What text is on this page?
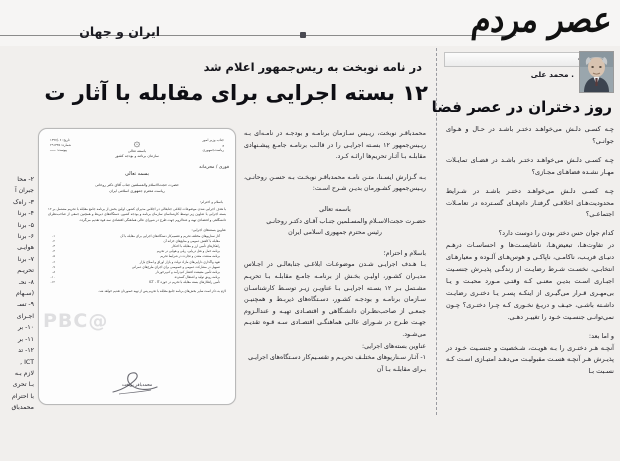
عصر مردم
ایران و جهان
در نامه نوبخت به ریس‌جمهور اعلام شد
۱۲ بسته اجرایی برای مقابله با آثار ت
۞
باسمه تعالی
سازمان برنامه و بودجه کشور
جناب وزیر امور
و
ریاست‌جمهوری
تاریخ: ۱۳۹۷/۰۶
شماره: ۲۹۱۳۴۵
پیوست: ــــــ
بسمه تعالی
فوری / محرمانه
حضرت حجت‌الاسلام والمسلمین جناب آقای دکتر روحانی
ریاست محترم جمهوری اسلامی ایران
باسلام و احترام؛
با هدف اجرایی شدن موضوعات ابلاغی جنابعالی در اجلاس مدیران کشور، اولین بخش از برنامه جامع مقابله با تحریم مشتمل بر ۱۲ بسته اجرایی با عناوین زیر توسط کارشناسان سازمان برنامه و بودجه کشور، دستگاه‌های ذیربط و همچنین جمعی از صاحب‌نظران دانشگاهی و اقتصادی تهیه و عندالزوم جهت طرح در شورای عالی هماهنگی اقتصادی سه قوه تقدیم می‌گردد.
عناوین بسته‌های اجرایی:
۱-	آثار سناریوهای مختلف تحریم و تقسیم‌کار دستگاه‌های اجرایی برای مقابله با آن
۲-	مقابله با کاهش عمومی و منابع‌های خزانه آن
۳-	راهکارهای تأمین ارز و مقابله با احتکار
۴-	برنامه حمل و نقل دریایی، ریلی و هوایی در تحریم
۵-	برنامه صنعت، معدن و تجارت در شرایط تحریم
۶-	تعهد واگذاری دارایی‌های مازاد دولت و بازار اوراق و اصلاح بازار
۷-	تسهیل در مشارکت عمومی و خصوصی برای اجرای طرح‌های عمرانی
۸-	برنامه تأمین معیشت اقشار کم‌درآمد و کم‌برخوردار
۱۰-	برنامه رونق تولید و اشتغال گسترده
۱۲-	تأمین راهکارهای بسته مقابله با تحریم در حوزه ICT ، IT
لازم به ذکر است سایر بخش‌های برنامه جامع مقابله با تحریم پس از تهیه حضورتان تقدیم خواهد شد.
@PBC
محمدباقر نوبخت

محمدباقـر نوبخت، ریـیس سـازمان برنامـه و بودجـه در نامـه‌ای بـه ریـیس‌جمهور ۱۲ بسـته اجرایـی را در قالـب برنامـه جامـع پیشـنهادی مقابلـه بـا آثـار تحریم‌ها ارائـه کـرد.

بـه گـزارش ایسـنا، متـن نامـه محمدباقـر نوبخـت بـه حسـن روحانـی، ریـیس‌جمهور کشـورمان بدیـن شـرح اسـت:

باسمه تعالی

حضـرت حجت‌الاسـلام والمسـلمین جنـاب آقـای دکتـر روحانـی

رئیس محترم جمهوری اسلامی ایران

باسلام و احترام؛

بـا هـدف اجرایـی شـدن موضوعـات ابلاغـی جنابعالـی در اجـلاس مدیـران کشـور، اولیـن بخـش از برنامـه جامـع مقابلـه بـا تحریـم مشـتمل بـر ۱۲ بسـته اجرایـی بـا عناویـن زیـر توسـط کارشناسـان سـازمان برنامـه و بودجـه کشـور، دسـتگاه‌های ذیربـط و همچنیـن جمعـی از صاحب‌نظـران دانشـگاهی و اقتصـادی تهیـه و عندالـزوم جهـت طـرح در شـورای عالـی هماهنگـی اقتصـادی سـه قـوه تقدیـم می‌شـود.

عناوین بسته‌های اجرایی:

۱- آثـار سـناریوهای مختلـف تحریـم و تقسـیم‌کار دسـتگاه‌های اجرایـی بـرای مقابلـه بـا آن

۲- محا

جبران آ

۳- راه‌ک

۴- برنا

۵- برنا

۶- برنا

هوایـی

۷- برنا

تحریـم

۸- نحـ

(سـهام

۹- تسـ

اجـرای

۱۰- بر

۱۱- بر

۱۲- تد

ICT ,

لازم بـه

بـا تحری

با احترام

محمدباق

. محمد علی
روز دختران در عصر فضا

چـه کسـی دلـش می‌خواهـد دختـر باشـد در حـال و هـوای جوانـی؟

چـه کسـی دلـش می‌خواهـد دختـر باشـد در فضـای تمایـلات مهـار نشـده فضاهـای مجـازی؟

چـه کسـی دلـش می‌خواهـد دختـر باشـد در شـرایط محدودیت‌هـای اخلاقـی گرفتـار دام‌هـای گسـترده در تعامـلات اجتماعـی؟

کدام جوان حس دختر بودن را دوست دارد؟

در تفاوت‌هـا، تبعیض‌هـا، ناشایسـت‌ها و احساسـات درهـم دنیـای فریـب، ناکامـی، ناپاکـی و هوس‌هـای آلـوده و معیارهـای انتخابـی، نخسـت شـرط رضایـت از زندگـی پذیـرش جنسـیت اجبـاری اسـت بدیـن معنـی کـه وقتـی مـورد محبـت و یـا بی‌مهـری قـرار می‌گیـری از اینکـه پسـر یـا دختـری رضایـت داشـته باشـی، حیـف و دریـغ نخـوری کـه چـرا دختـری؟ چـون نمی‌توانـی جنسـیت خـود را تغییـر دهـی.

و اما بعد:

آنچـه هـر دختـری را بـه هویـت، شـخصیت و جنسـیت خـود در پذیـرش هـر آنچـه هسـت مقبولیـت می‌دهـد امتیـازی اسـت کـه نسـبت بـا
